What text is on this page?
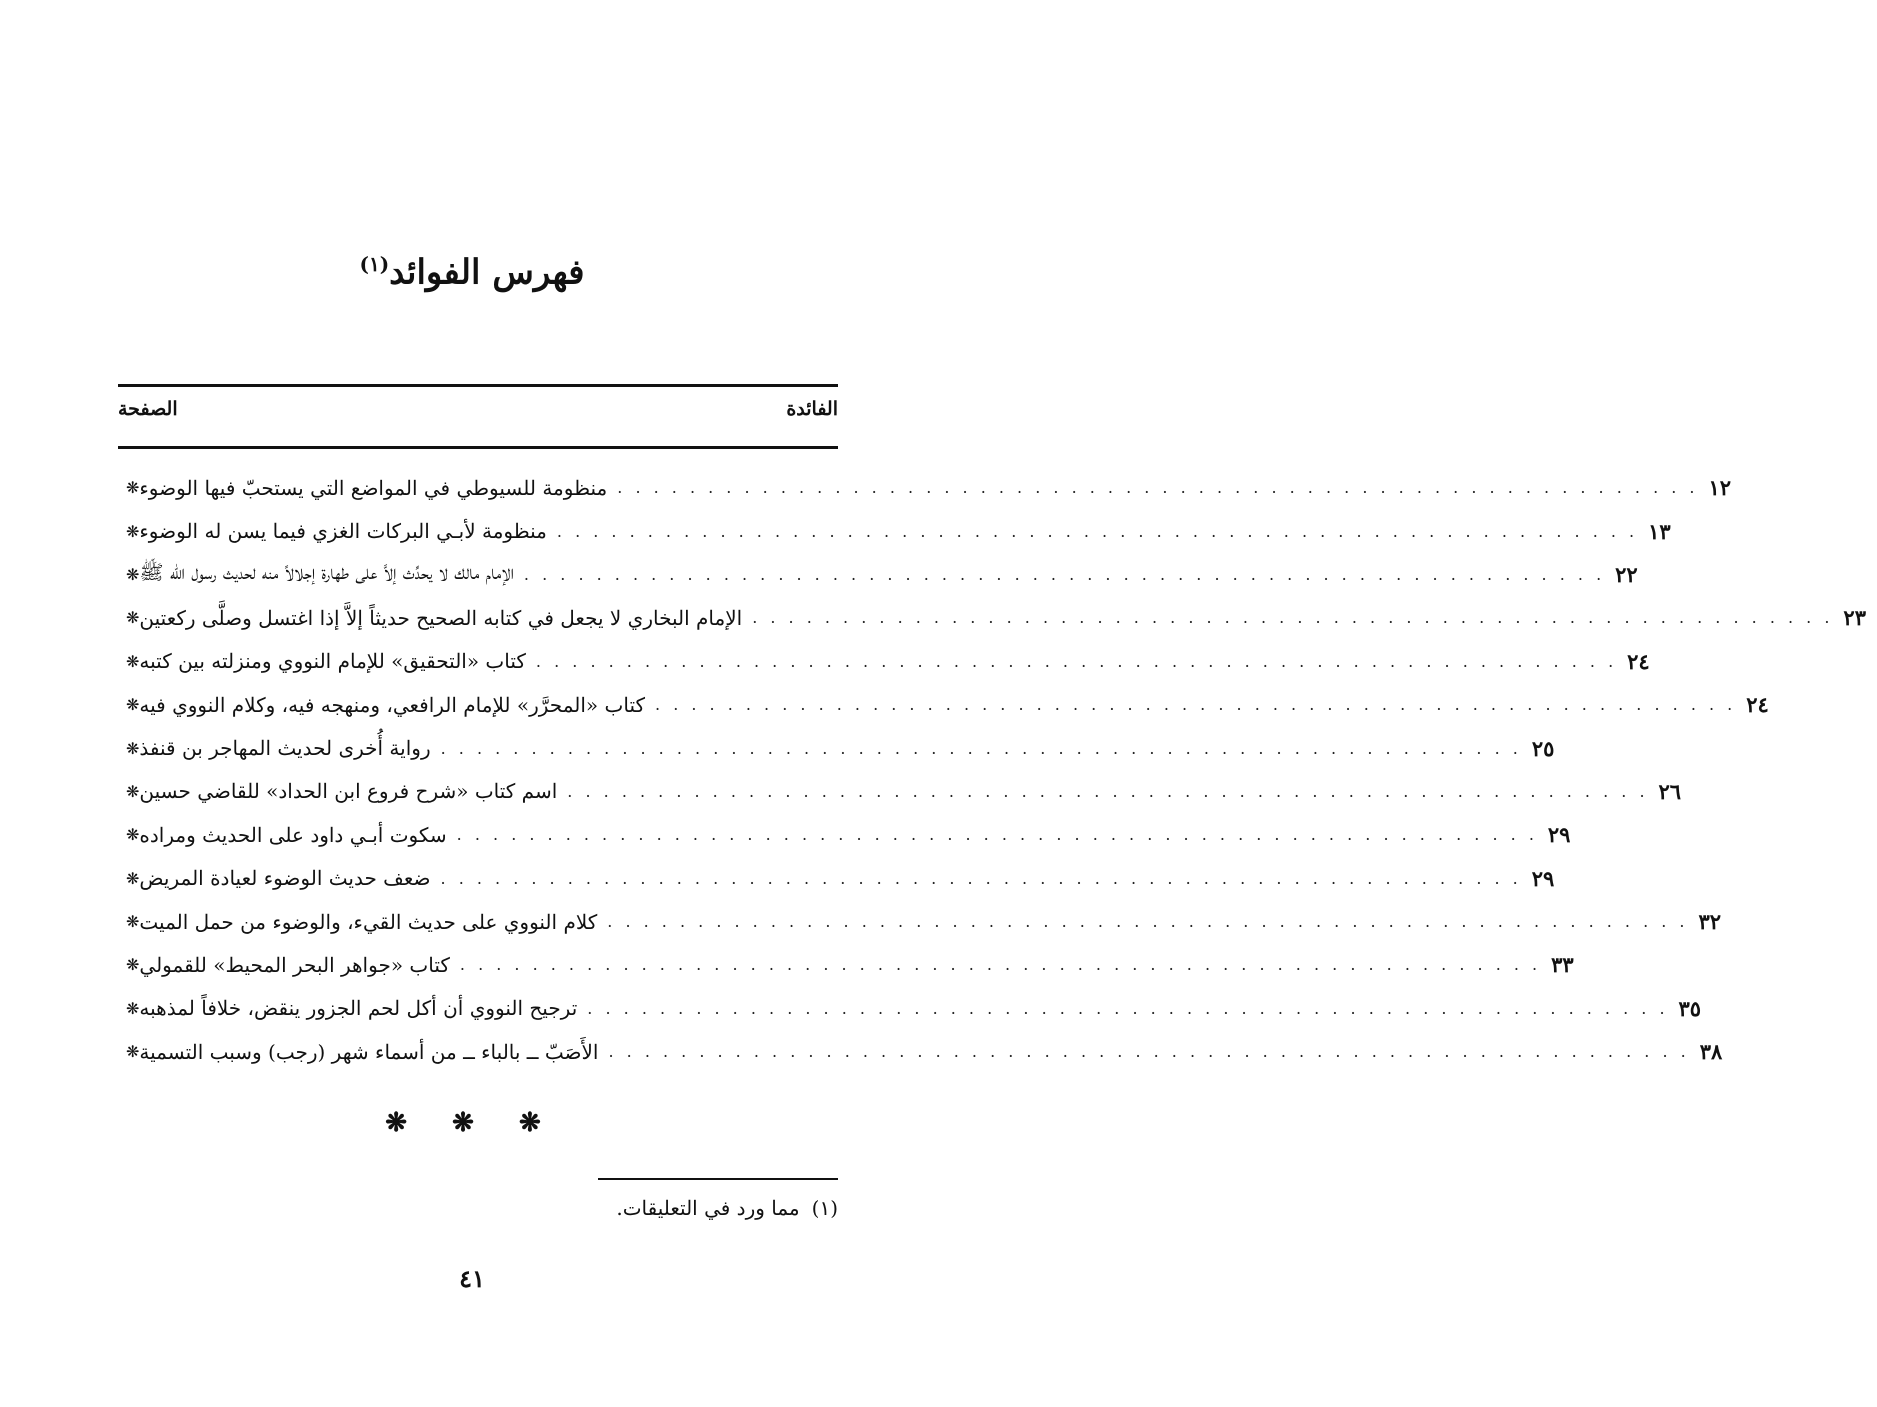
فهرس الفوائد$^{(١)}$
الفائدة
الصفحة
❋ منظومة للسيوطي في المواضع التي يستحبّ فيها الوضوء . . . . . . . . . . . . . . . . . . . . . . . . . . . . . . . . . . . . . . . . . . . . . . . . . . . . . . . . . . . . ١٢
❋ منظومة لأبـي البركات الغزي فيما يسن له الوضوء . . . . . . . . . . . . . . . . . . . . . . . . . . . . . . . . . . . . . . . . . . . . . . . . . . . . . . . . . . . . ١٣
❋ الإمام مالك لا يحدِّث إلاَّ على طهارة إجلالاً منه لحديث رسول الله ﷺ . . . . . . . . . . . . . . . . . . . . . . . . . . . . . . . . . . . . . . . . . . . . . . . . . . . . . . . . . . . . ٢٢
❋ الإمام البخاري لا يجعل في كتابه الصحيح حديثاً إلاَّ إذا اغتسل وصلَّى ركعتين . . . . . . . . . . . . . . . . . . . . . . . . . . . . . . . . . . . . . . . . . . . . . . . . . . . . . . . . . . . . ٢٣
❋ كتاب «التحقيق» للإمام النووي ومنزلته بين كتبه . . . . . . . . . . . . . . . . . . . . . . . . . . . . . . . . . . . . . . . . . . . . . . . . . . . . . . . . . . . . ٢٤
❋ كتاب «المحرَّر» للإمام الرافعي، ومنهجه فيه، وكلام النووي فيه . . . . . . . . . . . . . . . . . . . . . . . . . . . . . . . . . . . . . . . . . . . . . . . . . . . . . . . . . . . . ٢٤
❋ رواية أُخرى لحديث المهاجر بن قنفذ . . . . . . . . . . . . . . . . . . . . . . . . . . . . . . . . . . . . . . . . . . . . . . . . . . . . . . . . . . . . ٢٥
❋ اسم كتاب «شرح فروع ابن الحداد» للقاضي حسين . . . . . . . . . . . . . . . . . . . . . . . . . . . . . . . . . . . . . . . . . . . . . . . . . . . . . . . . . . . . ٢٦
❋ سكوت أبـي داود على الحديث ومراده . . . . . . . . . . . . . . . . . . . . . . . . . . . . . . . . . . . . . . . . . . . . . . . . . . . . . . . . . . . . ٢٩
❋ ضعف حديث الوضوء لعيادة المريض . . . . . . . . . . . . . . . . . . . . . . . . . . . . . . . . . . . . . . . . . . . . . . . . . . . . . . . . . . . . ٢٩
❋ كلام النووي على حديث القيء، والوضوء من حمل الميت . . . . . . . . . . . . . . . . . . . . . . . . . . . . . . . . . . . . . . . . . . . . . . . . . . . . . . . . . . . . ٣٢
❋ كتاب «جواهر البحر المحيط» للقمولي . . . . . . . . . . . . . . . . . . . . . . . . . . . . . . . . . . . . . . . . . . . . . . . . . . . . . . . . . . . . ٣٣
❋ ترجيح النووي أن أكل لحم الجزور ينقض، خلافاً لمذهبه . . . . . . . . . . . . . . . . . . . . . . . . . . . . . . . . . . . . . . . . . . . . . . . . . . . . . . . . . . . . ٣٥
❋ الأَصَبّ ــ بالباء ــ من أسماء شهر (رجب) وسبب التسمية . . . . . . . . . . . . . . . . . . . . . . . . . . . . . . . . . . . . . . . . . . . . . . . . . . . . . . . . . . . . ٣٨
❋ ❋ ❋
(١)مما ورد في التعليقات.
٤١
